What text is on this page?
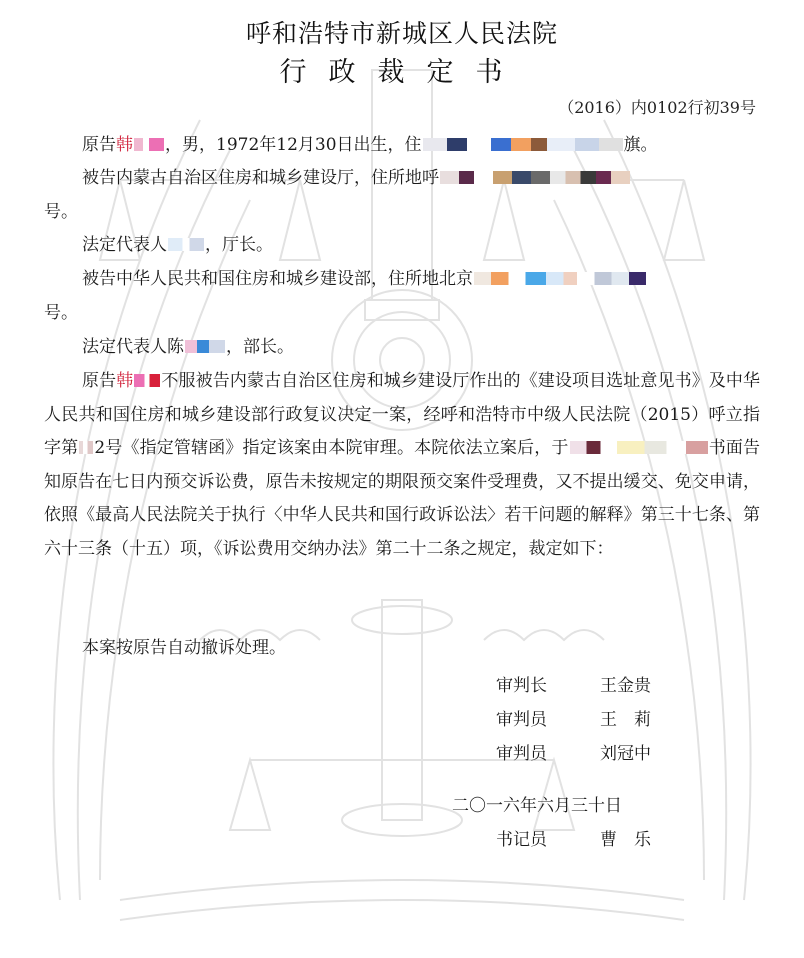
呼和浩特市新城区人民法院
行政裁定书
（2016）内0102行初39号
原告韩 ，男，1972年12月30日出生，住	旗。
被告内蒙古自治区住房和城乡建设厅，住所地呼
号。
法定代表人 ，厅长。
被告中华人民共和国住房和城乡建设部，住所地北京
号。
法定代表人陈 ，部长。
原告韩 不服被告内蒙古自治区住房和城乡建设厅作出的《建设项目选址意见书》及中华人民共和国住房和城乡建设部行政复议决定一案，经呼和浩特市中级人民法院（2015）呼立指字第 2号《指定管辖函》指定该案由本院审理。本院依法立案后，于	书面告知原告在七日内预交诉讼费，原告未按规定的期限预交案件受理费，又不提出缓交、免交申请，依照《最高人民法院关于执行〈中华人民共和国行政诉讼法〉若干问题的解释》第三十七条、第六十三条（十五）项，《诉讼费用交纳办法》第二十二条之规定，裁定如下：
本案按原告自动撤诉处理。
审判长	王金贵
审判员	王　莉
审判员	刘冠中
二〇一六年六月三十日
书记员	曹　乐
